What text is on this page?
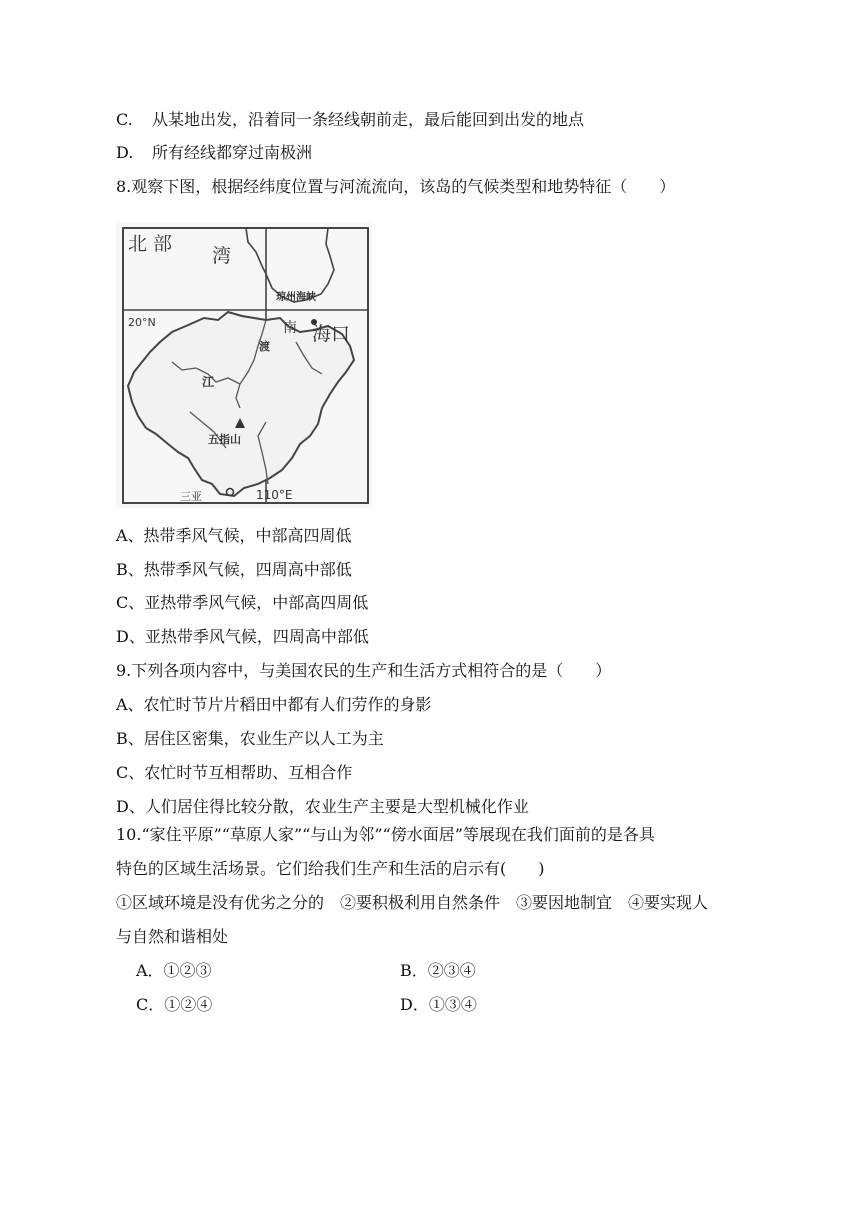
C. 从某地出发，沿着同一条经线朝前走，最后能回到出发的地点
D. 所有经线都穿过南极洲
8.观察下图，根据经纬度位置与河流流向，该岛的气候类型和地势特征（　　）
北 部
湾
琼州海峡
20°N	南 海口
渡
江
五指山
三亚	110°E
A、热带季风气候，中部高四周低
B、热带季风气候，四周高中部低
C、亚热带季风气候，中部高四周低
D、亚热带季风气候，四周高中部低
9.下列各项内容中，与美国农民的生产和生活方式相符合的是（　　）
A、农忙时节片片稻田中都有人们劳作的身影
B、居住区密集，农业生产以人工为主
C、农忙时节互相帮助、互相合作
D、人们居住得比较分散，农业生产主要是大型机械化作业
10.“家住平原”“草原人家”“与山为邻”“傍水面居”等展现在我们面前的是各具
特色的区域生活场景。它们给我们生产和生活的启示有(　　)
①区域环境是没有优劣之分的　②要积极利用自然条件　③要因地制宜　④要实现人
与自然和谐相处
A．①②③	B．②③④
C．①②④	D．①③④
